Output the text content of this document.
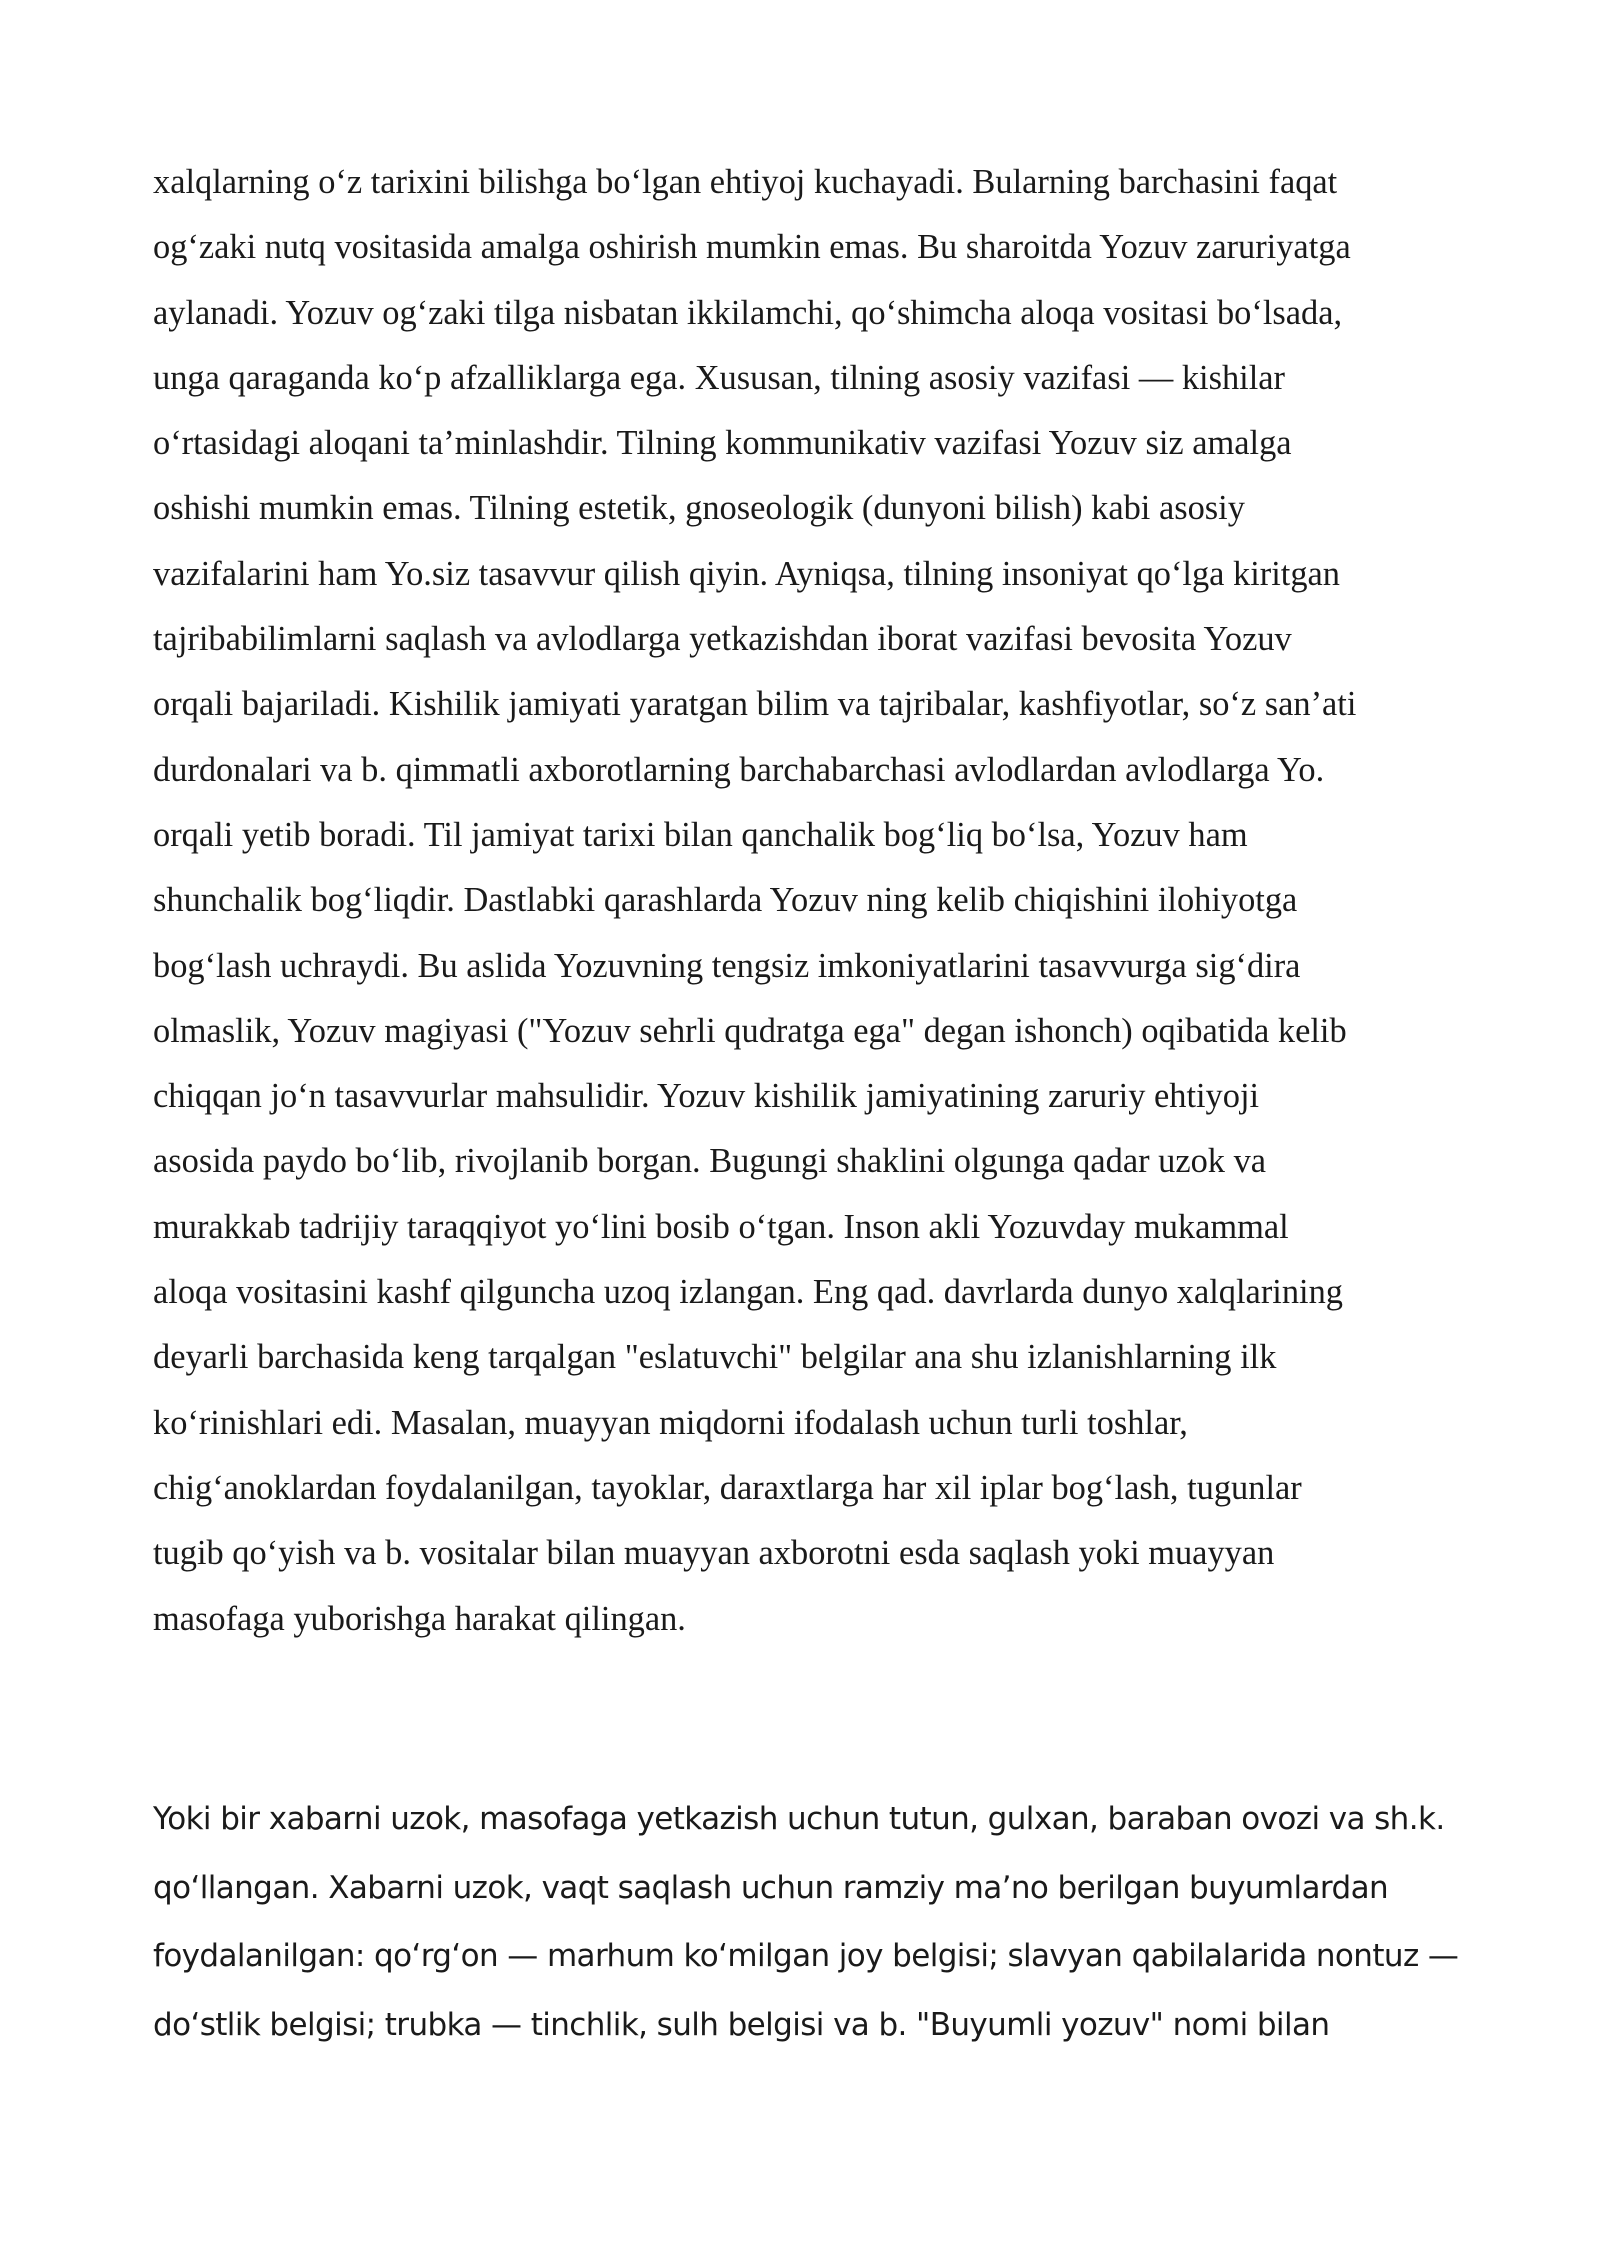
xalqlarning o‘z tarixini bilishga bo‘lgan ehtiyoj kuchayadi. Bularning barchasini faqat
og‘zaki nutq vositasida amalga oshirish mumkin emas. Bu sharoitda Yozuv zaruriyatga
aylanadi. Yozuv og‘zaki tilga nisbatan ikkilamchi, qo‘shimcha aloqa vositasi bo‘lsada,
unga qaraganda ko‘p afzalliklarga ega. Xususan, tilning asosiy vazifasi — kishilar
o‘rtasidagi aloqani ta’minlashdir. Tilning kommunikativ vazifasi Yozuv siz amalga
oshishi mumkin emas. Tilning estetik, gnoseologik (dunyoni bilish) kabi asosiy
vazifalarini ham Yo.siz tasavvur qilish qiyin. Ayniqsa, tilning insoniyat qo‘lga kiritgan
tajribabilimlarni saqlash va avlodlarga yetkazishdan iborat vazifasi bevosita Yozuv
orqali bajariladi. Kishilik jamiyati yaratgan bilim va tajribalar, kashfiyotlar, so‘z san’ati
durdonalari va b. qimmatli axborotlarning barchabarchasi avlodlardan avlodlarga Yo.
orqali yetib boradi. Til jamiyat tarixi bilan qanchalik bog‘liq bo‘lsa, Yozuv ham
shunchalik bog‘liqdir. Dastlabki qarashlarda Yozuv ning kelib chiqishini ilohiyotga
bog‘lash uchraydi. Bu aslida Yozuvning tengsiz imkoniyatlarini tasavvurga sig‘dira
olmaslik, Yozuv magiyasi ("Yozuv sehrli qudratga ega" degan ishonch) oqibatida kelib
chiqqan jo‘n tasavvurlar mahsulidir. Yozuv kishilik jamiyatining zaruriy ehtiyoji
asosida paydo bo‘lib, rivojlanib borgan. Bugungi shaklini olgunga qadar uzok va
murakkab tadrijiy taraqqiyot yo‘lini bosib o‘tgan. Inson akli Yozuvday mukammal
aloqa vositasini kashf qilguncha uzoq izlangan. Eng qad. davrlarda dunyo xalqlarining
deyarli barchasida keng tarqalgan "eslatuvchi" belgilar ana shu izlanishlarning ilk
ko‘rinishlari edi. Masalan, muayyan miqdorni ifodalash uchun turli toshlar,
chig‘anoklardan foydalanilgan, tayoklar, daraxtlarga har xil iplar bog‘lash, tugunlar
tugib qo‘yish va b. vositalar bilan muayyan axborotni esda saqlash yoki muayyan
masofaga yuborishga harakat qilingan.

Yoki bir xabarni uzok, masofaga yetkazish uchun tutun, gulxan, baraban ovozi va sh.k.
qo‘llangan. Xabarni uzok, vaqt saqlash uchun ramziy ma’no berilgan buyumlardan
foydalanilgan: qo‘rg‘on — marhum ko‘milgan joy belgisi; slavyan qabilalarida nontuz —
do‘stlik belgisi; trubka — tinchlik, sulh belgisi va b. "Buyumli yozuv" nomi bilan
